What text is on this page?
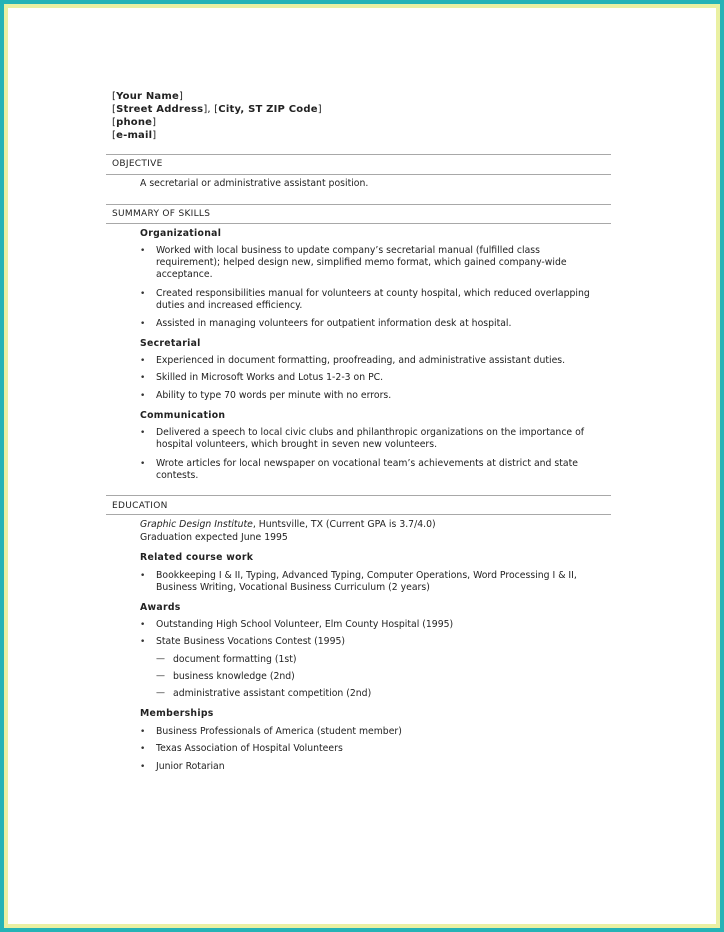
[Your Name]
[Street Address], [City, ST ZIP Code]
[phone]
[e-mail]
OBJECTIVE
A secretarial or administrative assistant position.
SUMMARY OF SKILLS
Organizational
• Worked with local business to update company’s secretarial manual (fulfilled class requirement); helped design new, simplified memo format, which gained company-wide acceptance.
• Created responsibilities manual for volunteers at county hospital, which reduced overlapping duties and increased efficiency.
• Assisted in managing volunteers for outpatient information desk at hospital.
Secretarial
• Experienced in document formatting, proofreading, and administrative assistant duties.
• Skilled in Microsoft Works and Lotus 1-2-3 on PC.
• Ability to type 70 words per minute with no errors.
Communication
• Delivered a speech to local civic clubs and philanthropic organizations on the importance of hospital volunteers, which brought in seven new volunteers.
• Wrote articles for local newspaper on vocational team’s achievements at district and state contests.
EDUCATION
Graphic Design Institute, Huntsville, TX (Current GPA is 3.7/4.0)
Graduation expected June 1995
Related course work
• Bookkeeping I & II, Typing, Advanced Typing, Computer Operations, Word Processing I & II, Business Writing, Vocational Business Curriculum (2 years)
Awards
• Outstanding High School Volunteer, Elm County Hospital (1995)
• State Business Vocations Contest (1995)
— document formatting (1st)
— business knowledge (2nd)
— administrative assistant competition (2nd)
Memberships
• Business Professionals of America (student member)
• Texas Association of Hospital Volunteers
• Junior Rotarian
